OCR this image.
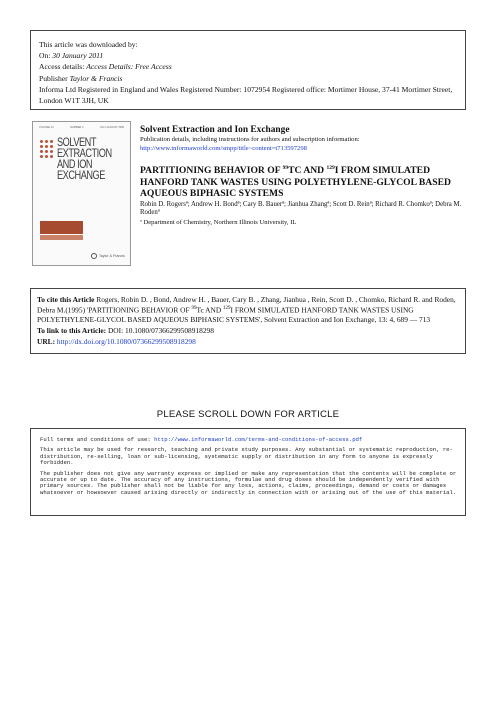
This article was downloaded by:
On: 30 January 2011
Access details: Access Details: Free Access
Publisher Taylor & Francis
Informa Ltd Registered in England and Wales Registered Number: 1072954 Registered office: Mortimer House, 37-41 Mortimer Street, London W1T 3JH, UK
VOLUME 13	NUMBER 4	JULY-AUGUST 1995
SOLVENT
EXTRACTION
AND ION
EXCHANGE
Taylor & Francis
Solvent Extraction and Ion Exchange
Publication details, including instructions for authors and subscription information:
http://www.informaworld.com/smpp/title~content=t713597298
PARTITIONING BEHAVIOR OF $^{99}$TC AND $^{129}$I FROM SIMULATED HANFORD TANK WASTES USING POLYETHYLENE-GLYCOL BASED AQUEOUS BIPHASIC SYSTEMS
Robin D. Rogersª; Andrew H. Bondª; Cary B. Bauerª; Jianhua Zhangª; Scott D. Reinª; Richard R. Chomkoª; Debra M. Rodenª
ª Department of Chemistry, Northern Illinois University, IL
To cite this Article Rogers, Robin D. , Bond, Andrew H. , Bauer, Cary B. , Zhang, Jianhua , Rein, Scott D. , Chomko, Richard R. and Roden, Debra M.(1995) 'PARTITIONING BEHAVIOR OF $^{99}$Tc AND $^{129}$I FROM SIMULATED HANFORD TANK WASTES USING POLYETHYLENE-GLYCOL BASED AQUEOUS BIPHASIC SYSTEMS', Solvent Extraction and Ion Exchange, 13: 4, 689 — 713
To link to this Article: DOI: 10.1080/07366299508918298
URL: http://dx.doi.org/10.1080/07366299508918298
PLEASE SCROLL DOWN FOR ARTICLE

Full terms and conditions of use: http://www.informaworld.com/terms-and-conditions-of-access.pdf

This article may be used for research, teaching and private study purposes. Any substantial or systematic reproduction, re-distribution, re-selling, loan or sub-licensing, systematic supply or distribution in any form to anyone is expressly forbidden.

The publisher does not give any warranty express or implied or make any representation that the contents will be complete or accurate or up to date. The accuracy of any instructions, formulae and drug doses should be independently verified with primary sources. The publisher shall not be liable for any loss, actions, claims, proceedings, demand or costs or damages whatsoever or howsoever caused arising directly or indirectly in connection with or arising out of the use of this material.
